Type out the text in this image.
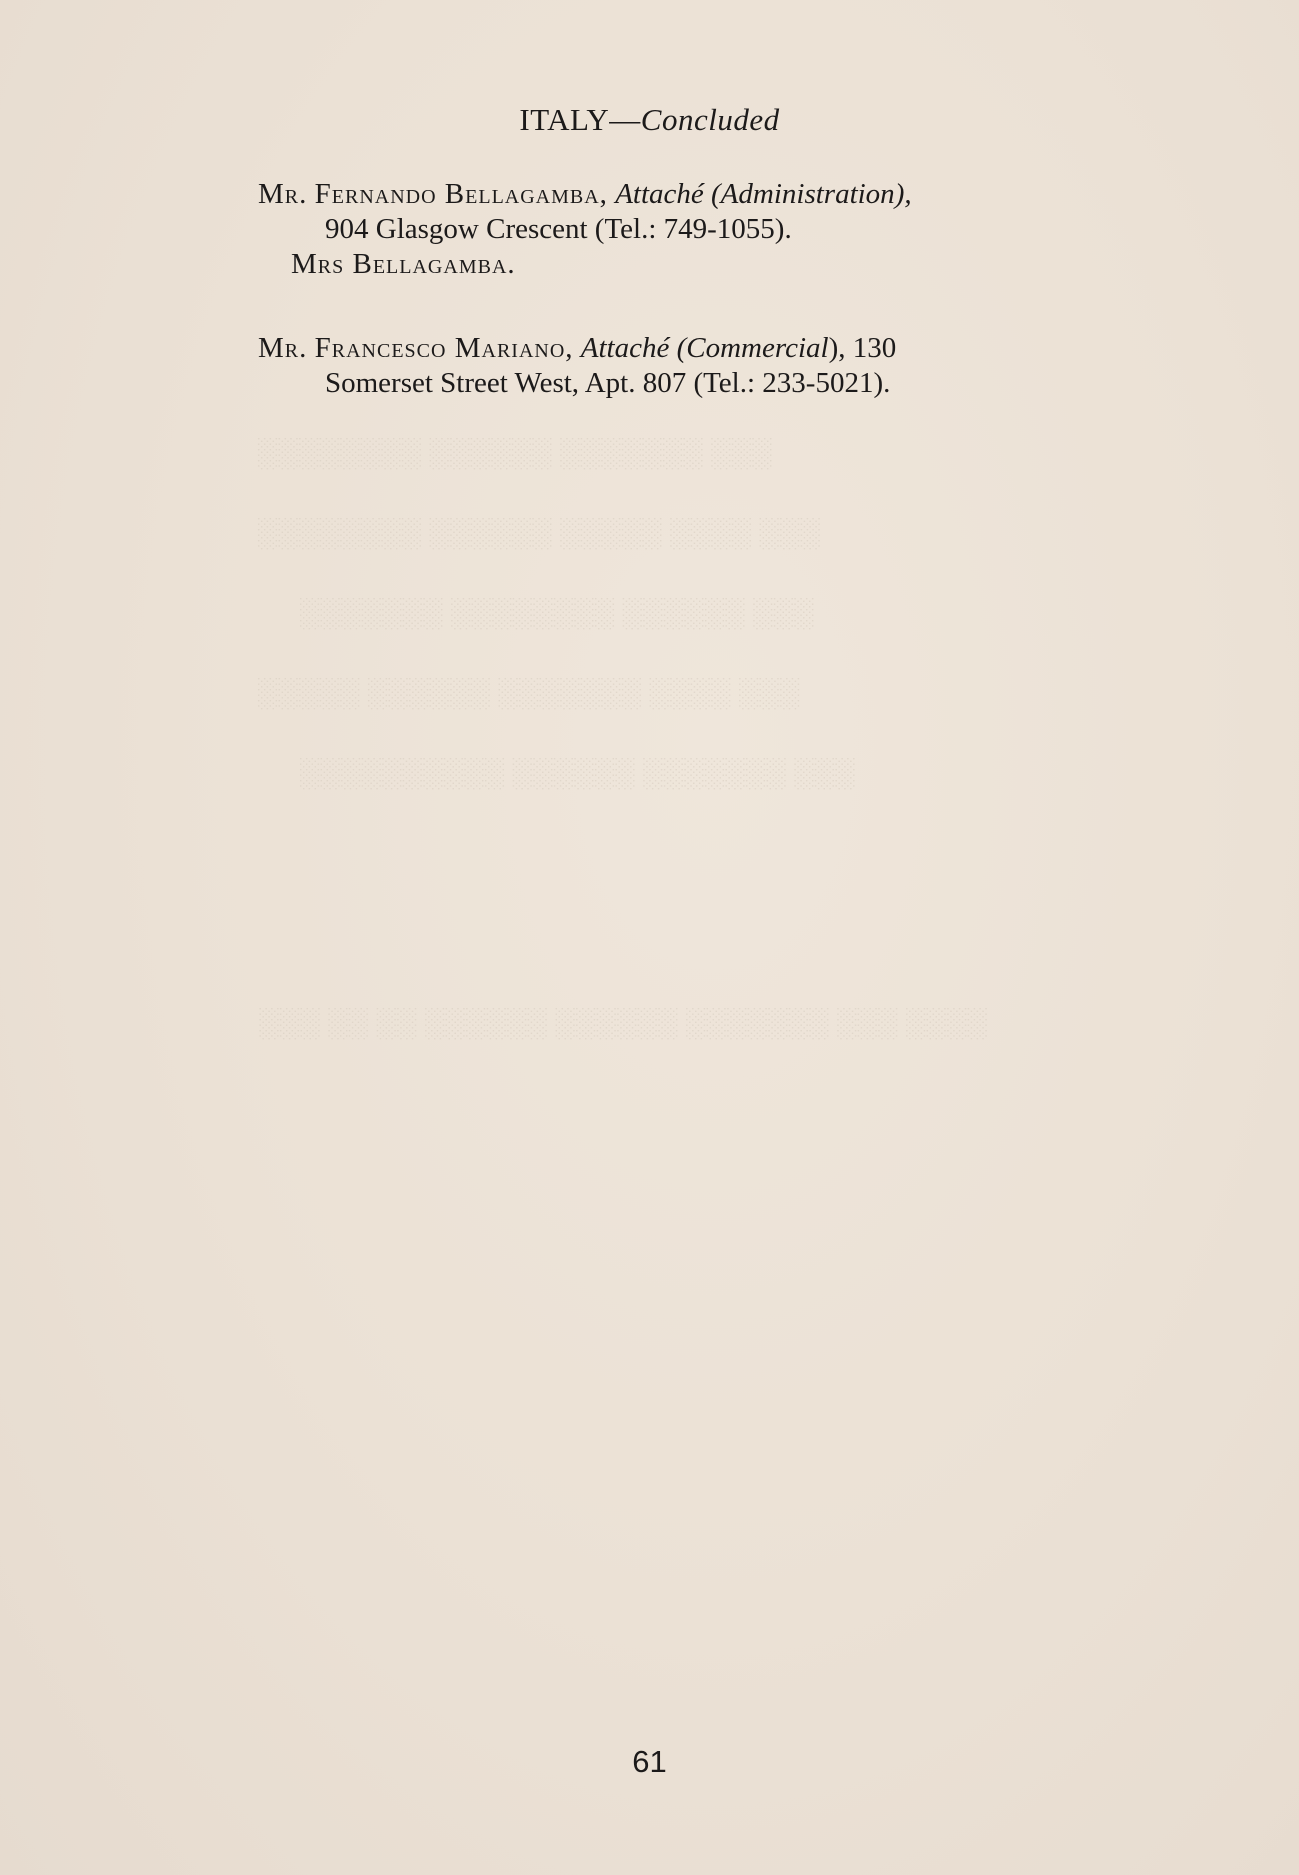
░░░ ░░░░░░░ ░░░░░░ ░░░░░░░░
░░░ ░░░░ ░░░░░ ░░░░░░ ░░░░░░░░
░░░ ░░░░░░ ░░░░░░░░ ░░░░░░░
░░░ ░░░░ ░░░░░░░ ░░░░░░ ░░░░░
░░░ ░░░░░░░ ░░░░░░ ░░░░░░░░░░
░░░ ░░ ░░ ░░░░░░ ░░░░░░ ░░░░░░░ ░░░ ░░░░
ITALY—Concluded
Mr. Fernando Bellagamba, Attaché (Administration),
904 Glasgow Crescent (Tel.: 749-1055).
Mrs Bellagamba.
Mr. Francesco Mariano, Attaché (Commercial), 130
Somerset Street West, Apt. 807 (Tel.: 233-5021).
61
